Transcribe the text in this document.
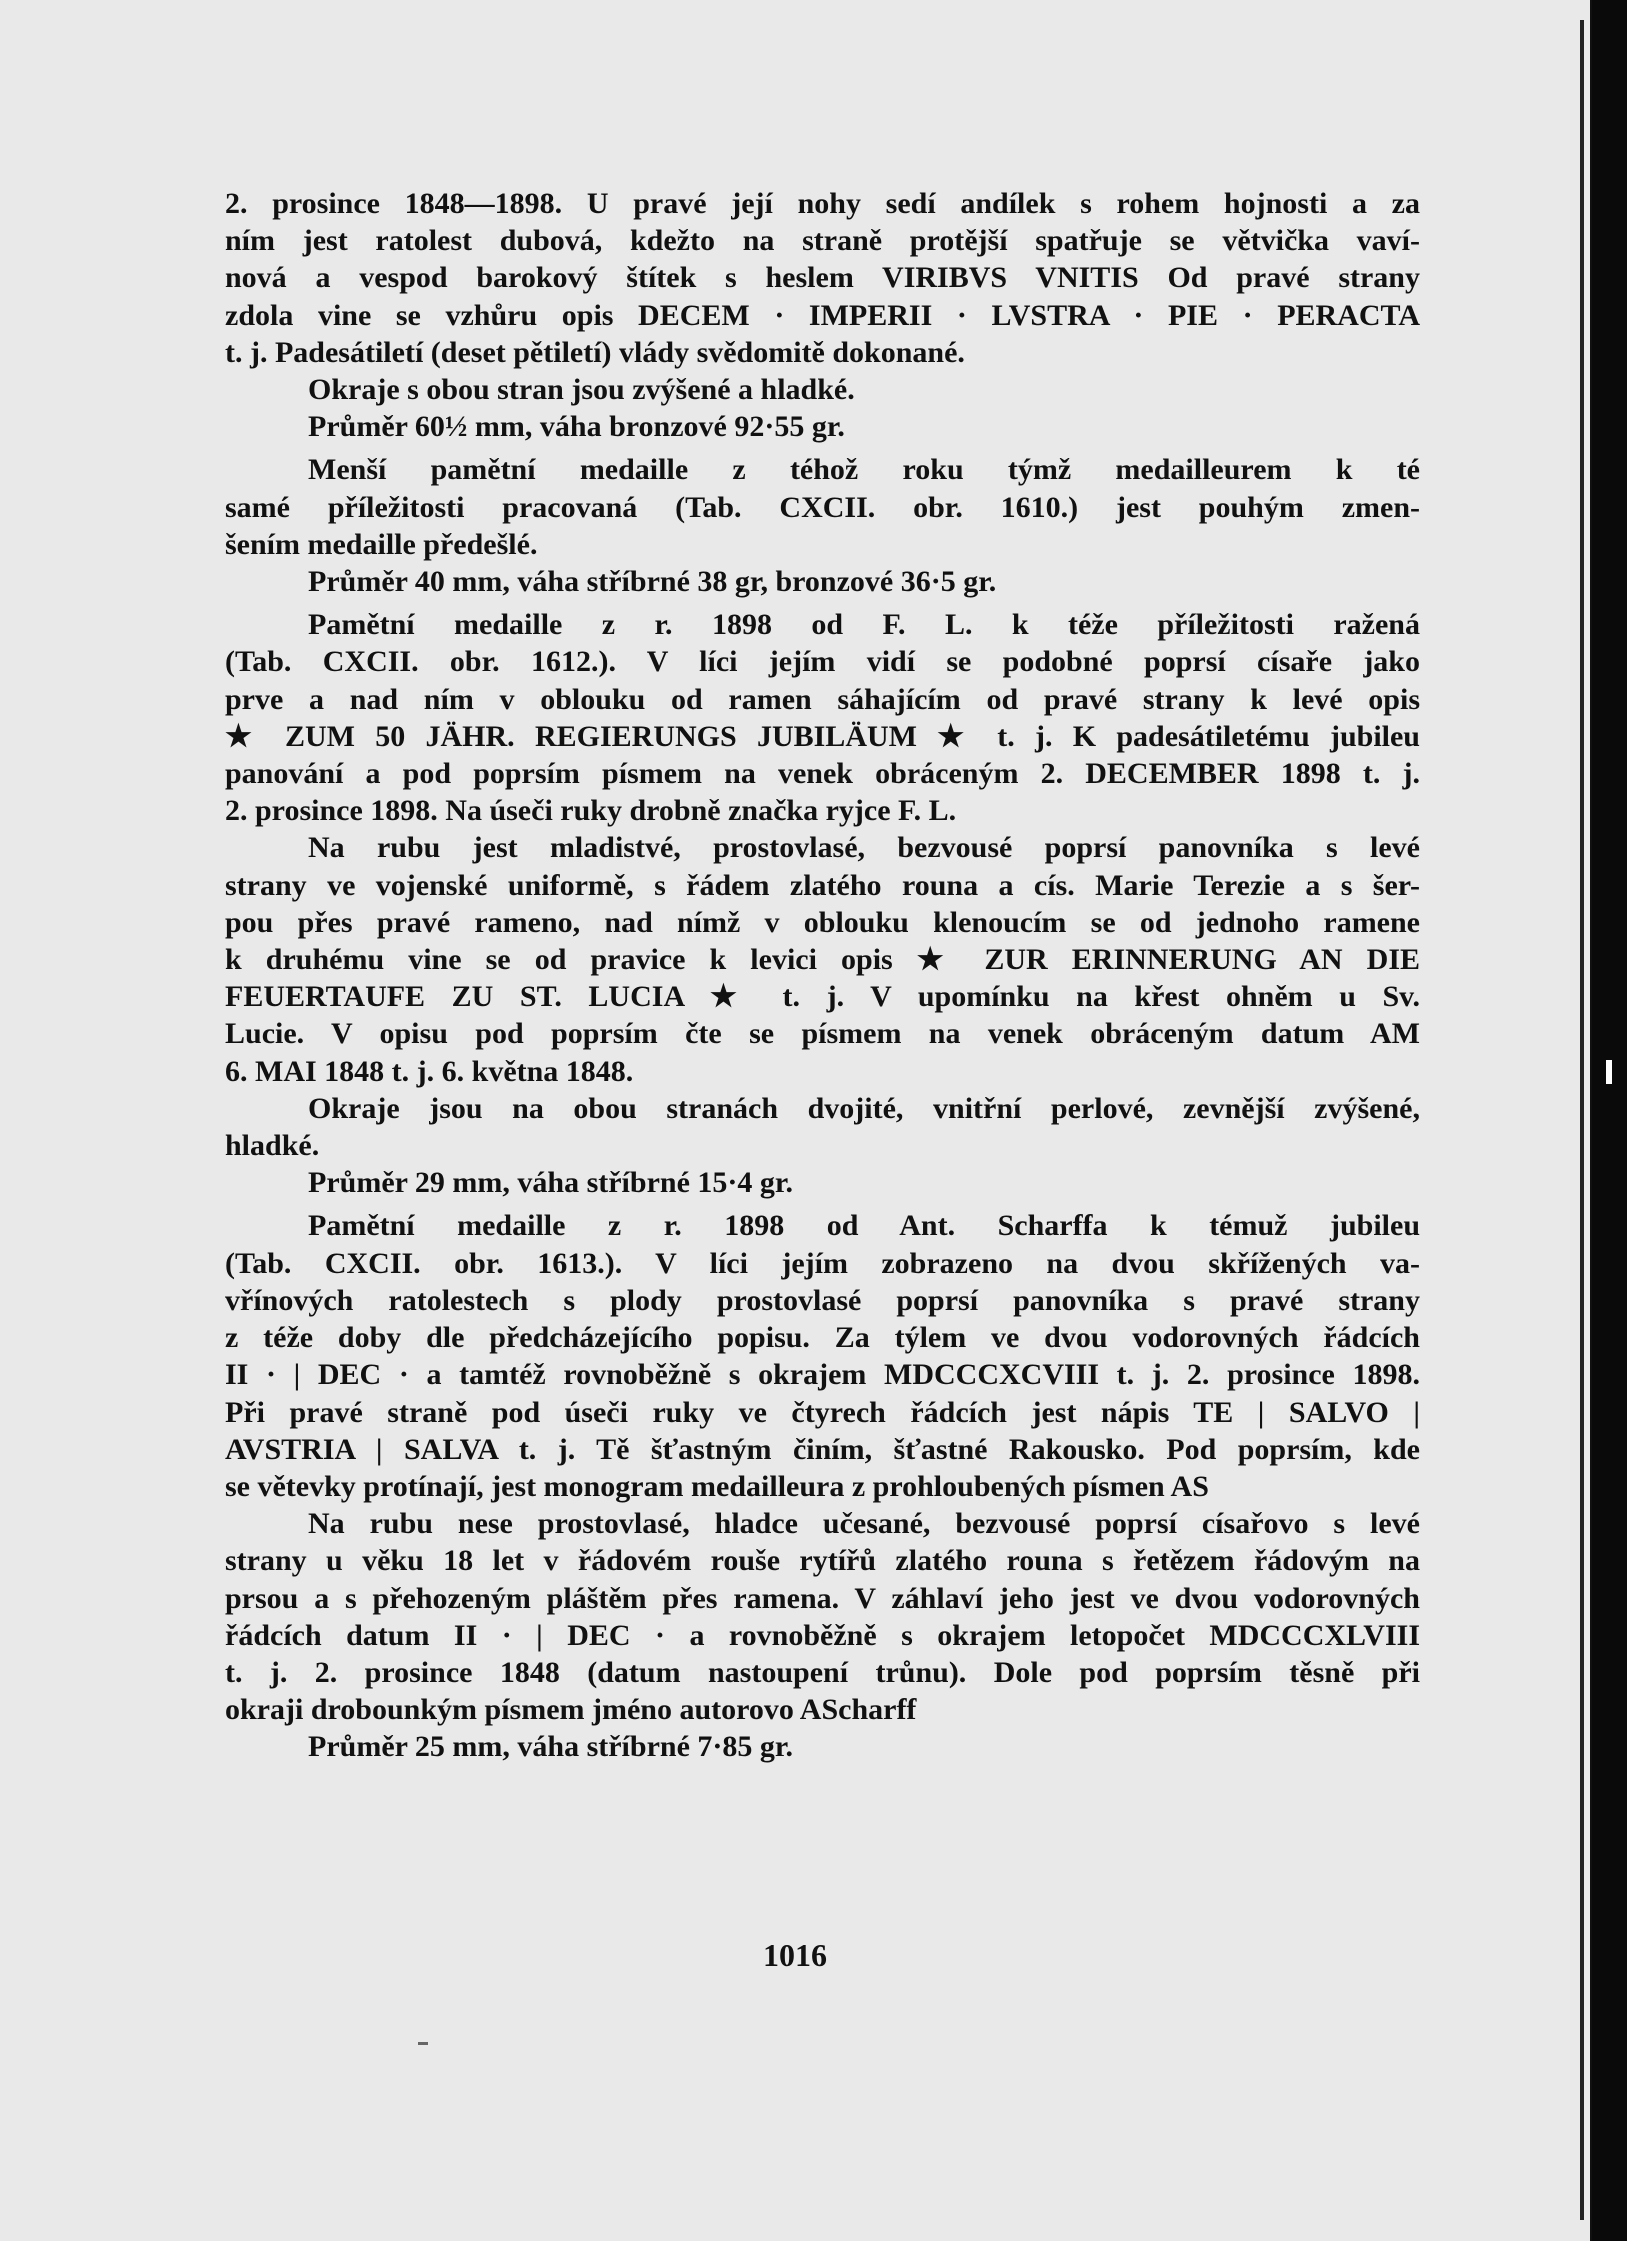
2. prosince 1848—1898. U pravé její nohy sedí andílek s rohem hojnosti a za
ním jest ratolest dubová, kdežto na straně protější spatřuje se větvička vaví-
nová a vespod barokový štítek s heslem VIRIBVS VNITIS Od pravé strany
zdola vine se vzhůru opis DECEM · IMPERII · LVSTRA · PIE · PERACTA
t. j. Padesátiletí (deset pětiletí) vlády svědomitě dokonané.

Okraje s obou stran jsou zvýšené a hladké.

Průměr 60½ mm, váha bronzové 92·55 gr.

Menší pamětní medaille z téhož roku týmž medailleurem k té
samé příležitosti pracovaná (Tab. CXCII. obr. 1610.) jest pouhým zmen-
šením medaille předešlé.

Průměr 40 mm, váha stříbrné 38 gr, bronzové 36·5 gr.

Pamětní medaille z r. 1898 od F. L. k téže příležitosti ražená
(Tab. CXCII. obr. 1612.). V líci jejím vidí se podobné poprsí císaře jako
prve a nad ním v oblouku od ramen sáhajícím od pravé strany k levé opis
★ ZUM 50 JÄHR. REGIERUNGS JUBILÄUM ★ t. j. K padesátiletému jubileu
panování a pod poprsím písmem na venek obráceným 2. DECEMBER 1898 t. j.
2. prosince 1898. Na úseči ruky drobně značka ryjce F. L.

Na rubu jest mladistvé, prostovlasé, bezvousé poprsí panovníka s levé
strany ve vojenské uniformě, s řádem zlatého rouna a cís. Marie Terezie a s šer-
pou přes pravé rameno, nad nímž v oblouku klenoucím se od jednoho ramene
k druhému vine se od pravice k levici opis ★ ZUR ERINNERUNG AN DIE
FEUERTAUFE ZU ST. LUCIA ★ t. j. V upomínku na křest ohněm u Sv.
Lucie. V opisu pod poprsím čte se písmem na venek obráceným datum AM
6. MAI 1848 t. j. 6. května 1848.

Okraje jsou na obou stranách dvojité, vnitřní perlové, zevnější zvýšené,
hladké.

Průměr 29 mm, váha stříbrné 15·4 gr.

Pamětní medaille z r. 1898 od Ant. Scharffa k témuž jubileu
(Tab. CXCII. obr. 1613.). V líci jejím zobrazeno na dvou skřížených va-
vřínových ratolestech s plody prostovlasé poprsí panovníka s pravé strany
z téže doby dle předcházejícího popisu. Za týlem ve dvou vodorovných řádcích
II · | DEC · a tamtéž rovnoběžně s okrajem MDCCCXCVIII t. j. 2. prosince 1898.
Při pravé straně pod úseči ruky ve čtyrech řádcích jest nápis TE | SALVO |
AVSTRIA | SALVA t. j. Tě šťastným činím, šťastné Rakousko. Pod poprsím, kde
se větevky protínají, jest monogram medailleura z prohloubených písmen AS

Na rubu nese prostovlasé, hladce učesané, bezvousé poprsí císařovo s levé
strany u věku 18 let v řádovém rouše rytířů zlatého rouna s řetězem řádovým na
prsou a s přehozeným pláštěm přes ramena. V záhlaví jeho jest ve dvou vodorovných
řádcích datum II · | DEC · a rovnoběžně s okrajem letopočet MDCCCXLVIII
t. j. 2. prosince 1848 (datum nastoupení trůnu). Dole pod poprsím těsně při
okraji drobounkým písmem jméno autorovo AScharff

Průměr 25 mm, váha stříbrné 7·85 gr.

1016
